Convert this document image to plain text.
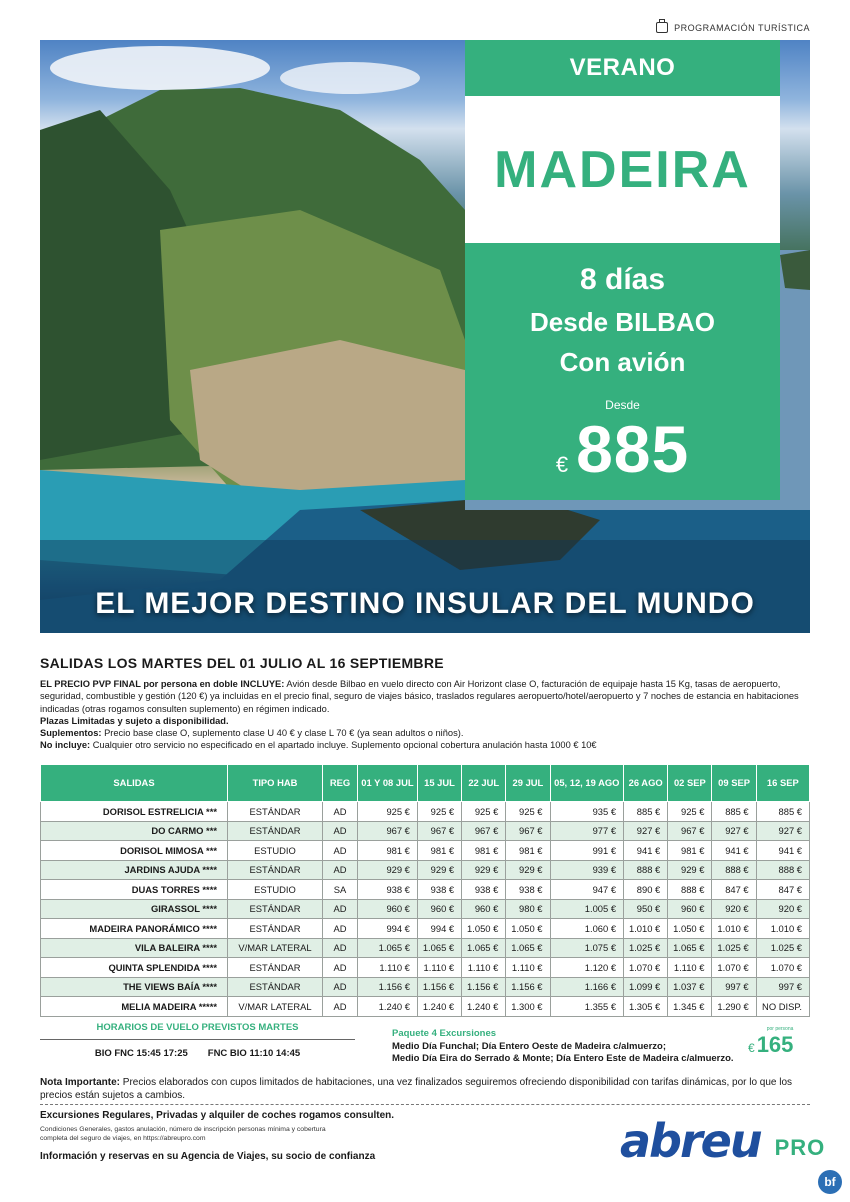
PROGRAMACIÓN TURÍSTICA
EL MEJOR DESTINO INSULAR DEL MUNDO
VERANO
MADEIRA
8 días
Desde BILBAO
Con avión
Desde
€ 885
SALIDAS LOS MARTES DEL 01 JULIO AL 16 SEPTIEMBRE

EL PRECIO PVP FINAL por persona en doble INCLUYE: Avión desde Bilbao en vuelo directo con Air Horizont clase O, facturación de equipaje hasta 15 Kg, tasas de aeropuerto, seguridad, combustible y gestión (120 €) ya incluidas en el precio final, seguro de viajes básico, traslados regulares aeropuerto/hotel/aeropuerto y 7 noches de estancia en habitaciones indicadas (otras rogamos consulten suplemento) en régimen indicado.

Plazas Limitadas y sujeto a disponibilidad.

Suplementos: Precio base clase O, suplemento clase U 40 € y clase L 70 € (ya sean adultos o niños).

No incluye: Cualquier otro servicio no especificado en el apartado incluye. Suplemento opcional cobertura anulación hasta 1000 € 10€

SALIDAS	TIPO HAB	REG	01 Y 08 JUL	15 JUL	22 JUL	29 JUL	05, 12, 19 AGO	26 AGO	02 SEP	09 SEP	16 SEP
DORISOL ESTRELICIA ***	ESTÁNDAR	AD	925 €	925 €	925 €	925 €	935 €	885 €	925 €	885 €	885 €
DO CARMO ***	ESTÁNDAR	AD	967 €	967 €	967 €	967 €	977 €	927 €	967 €	927 €	927 €
DORISOL MIMOSA ***	ESTUDIO	AD	981 €	981 €	981 €	981 €	991 €	941 €	981 €	941 €	941 €
JARDINS AJUDA ****	ESTÁNDAR	AD	929 €	929 €	929 €	929 €	939 €	888 €	929 €	888 €	888 €
DUAS TORRES ****	ESTUDIO	SA	938 €	938 €	938 €	938 €	947 €	890 €	888 €	847 €	847 €
GIRASSOL ****	ESTÁNDAR	AD	960 €	960 €	960 €	980 €	1.005 €	950 €	960 €	920 €	920 €
MADEIRA PANORÁMICO ****	ESTÁNDAR	AD	994 €	994 €	1.050 €	1.050 €	1.060 €	1.010 €	1.050 €	1.010 €	1.010 €
VILA BALEIRA ****	V/MAR LATERAL	AD	1.065 €	1.065 €	1.065 €	1.065 €	1.075 €	1.025 €	1.065 €	1.025 €	1.025 €
QUINTA SPLENDIDA ****	ESTÁNDAR	AD	1.110 €	1.110 €	1.110 €	1.110 €	1.120 €	1.070 €	1.110 €	1.070 €	1.070 €
THE VIEWS BAÍA ****	ESTÁNDAR	AD	1.156 €	1.156 €	1.156 €	1.156 €	1.166 €	1.099 €	1.037 €	997 €	997 €
MELIA MADEIRA *****	V/MAR LATERAL	AD	1.240 €	1.240 €	1.240 €	1.300 €	1.355 €	1.305 €	1.345 €	1.290 €	NO DISP.
HORARIOS DE VUELO PREVISTOS MARTES
BIO FNC 15:45 17:25 FNC BIO 11:10 14:45
Paquete 4 Excursiones
Medio Día Funchal; Día Entero Oeste de Madeira c/almuerzo;
Medio Día Eira do Serrado & Monte; Día Entero Este de Madeira c/almuerzo.
por persona
€ 165
Nota Importante: Precios elaborados con cupos limitados de habitaciones, una vez finalizados seguiremos ofreciendo disponibilidad con tarifas dinámicas, por lo que los precios están sujetos a cambios.
Excursiones Regulares, Privadas y alquiler de coches rogamos consulten.
Condiciones Generales, gastos anulación, número de inscripción personas mínima y cobertura completa del seguro de viajes, en https://abreupro.com
Información y reservas en su Agencia de Viajes, su socio de confianza	abreu PRO
bf
